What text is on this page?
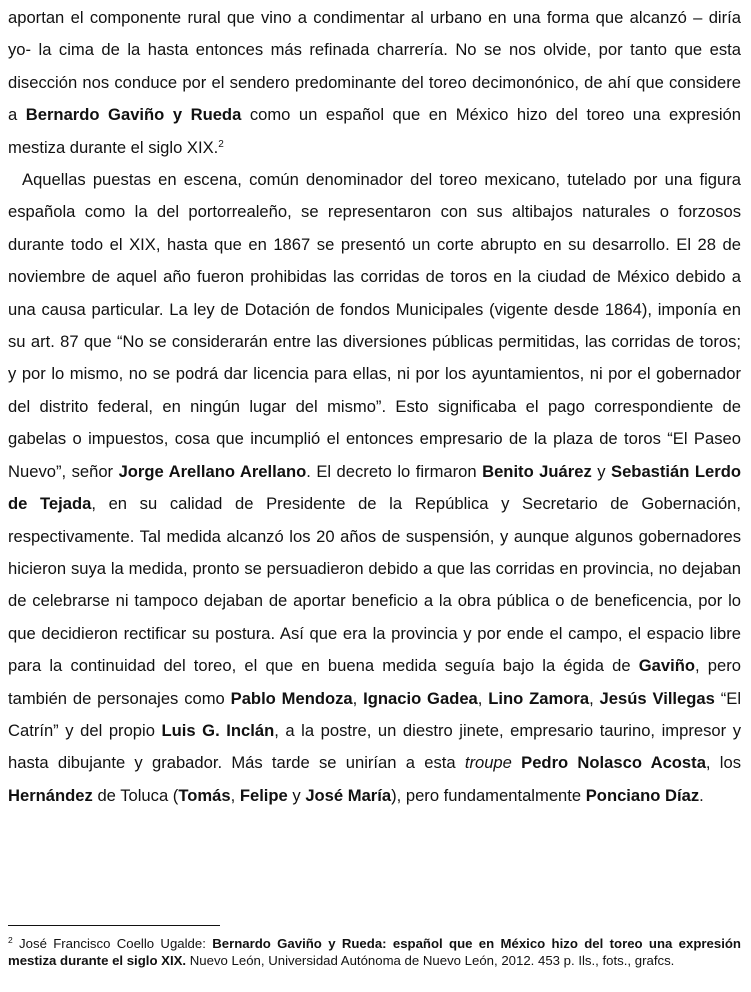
aportan el componente rural que vino a condimentar al urbano en una forma que alcanzó – diría yo- la cima de la hasta entonces más refinada charrería. No se nos olvide, por tanto que esta disección nos conduce por el sendero predominante del toreo decimonónico, de ahí que considere a Bernardo Gaviño y Rueda como un español que en México hizo del toreo una expresión mestiza durante el siglo XIX.$^2$

Aquellas puestas en escena, común denominador del toreo mexicano, tutelado por una figura española como la del portorrealeño, se representaron con sus altibajos naturales o forzosos durante todo el XIX, hasta que en 1867 se presentó un corte abrupto en su desarrollo. El 28 de noviembre de aquel año fueron prohibidas las corridas de toros en la ciudad de México debido a una causa particular. La ley de Dotación de fondos Municipales (vigente desde 1864), imponía en su art. 87 que “No se considerarán entre las diversiones públicas permitidas, las corridas de toros; y por lo mismo, no se podrá dar licencia para ellas, ni por los ayuntamientos, ni por el gobernador del distrito federal, en ningún lugar del mismo”. Esto significaba el pago correspondiente de gabelas o impuestos, cosa que incumplió el entonces empresario de la plaza de toros “El Paseo Nuevo”, señor Jorge Arellano Arellano. El decreto lo firmaron Benito Juárez y Sebastián Lerdo de Tejada, en su calidad de Presidente de la República y Secretario de Gobernación, respectivamente. Tal medida alcanzó los 20 años de suspensión, y aunque algunos gobernadores hicieron suya la medida, pronto se persuadieron debido a que las corridas en provincia, no dejaban de celebrarse ni tampoco dejaban de aportar beneficio a la obra pública o de beneficencia, por lo que decidieron rectificar su postura. Así que era la provincia y por ende el campo, el espacio libre para la continuidad del toreo, el que en buena medida seguía bajo la égida de Gaviño, pero también de personajes como Pablo Mendoza, Ignacio Gadea, Lino Zamora, Jesús Villegas “El Catrín” y del propio Luis G. Inclán, a la postre, un diestro jinete, empresario taurino, impresor y hasta dibujante y grabador. Más tarde se unirían a esta troupe Pedro Nolasco Acosta, los Hernández de Toluca (Tomás, Felipe y José María), pero fundamentalmente Ponciano Díaz.

$^2$ José Francisco Coello Ugalde: Bernardo Gaviño y Rueda: español que en México hizo del toreo una expresión mestiza durante el siglo XIX. Nuevo León, Universidad Autónoma de Nuevo León, 2012. 453 p. Ils., fots., grafcs.
